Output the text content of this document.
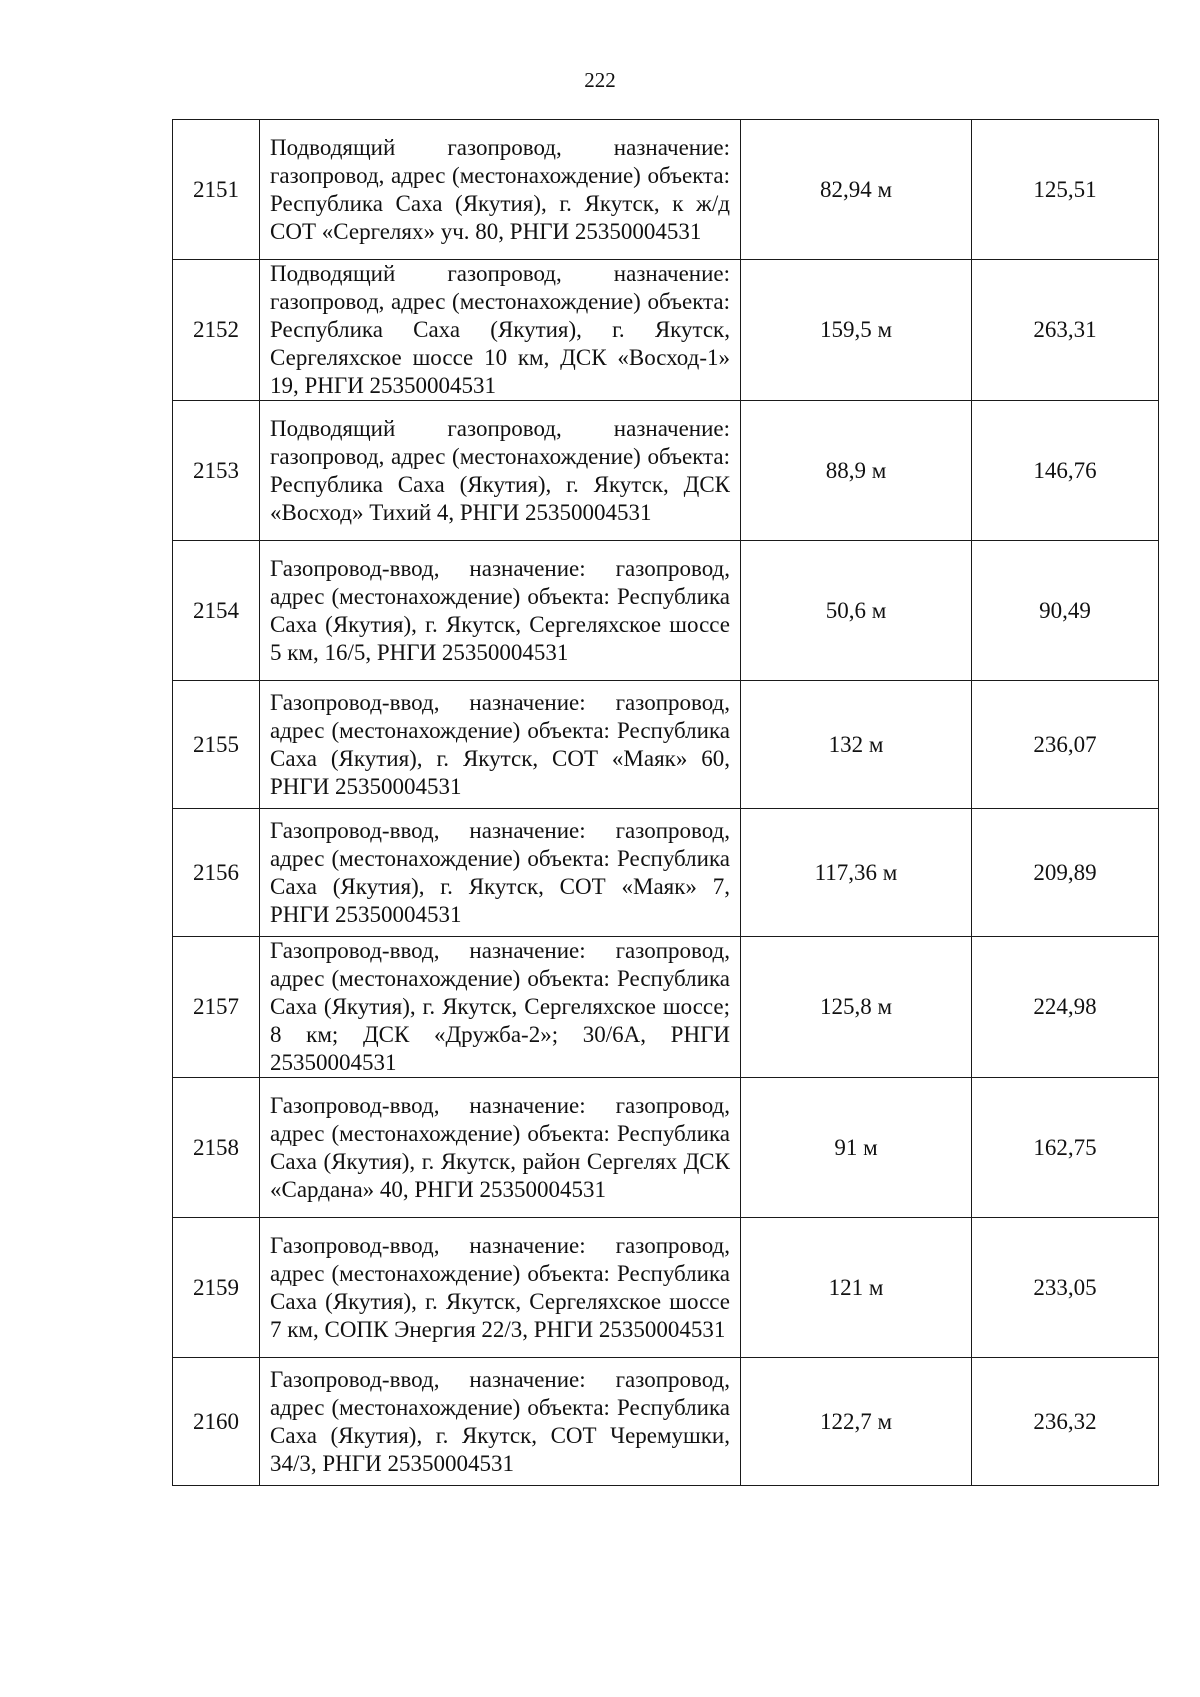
222
2151	Подводящий газопровод, назначение: газопровод, адрес (местонахождение) объекта: Республика Саха (Якутия), г. Якутск, к ж/д СОТ «Сергелях» уч. 80, РНГИ 25350004531	82,94 м	125,51
2152	Подводящий газопровод, назначение: газопровод, адрес (местонахождение) объекта: Республика Саха (Якутия), г. Якутск, Сергеляхское шоссе 10 км, ДСК «Восход-1» 19, РНГИ 25350004531	159,5 м	263,31
2153	Подводящий газопровод, назначение: газопровод, адрес (местонахождение) объекта: Республика Саха (Якутия), г. Якутск, ДСК «Восход» Тихий 4, РНГИ 25350004531	88,9 м	146,76
2154	Газопровод-ввод, назначение: газопровод, адрес (местонахождение) объекта: Республика Саха (Якутия), г. Якутск, Сергеляхское шоссе 5 км, 16/5, РНГИ 25350004531	50,6 м	90,49
2155	Газопровод-ввод, назначение: газопровод, адрес (местонахождение) объекта: Республика Саха (Якутия), г. Якутск, СОТ «Маяк» 60, РНГИ 25350004531	132 м	236,07
2156	Газопровод-ввод, назначение: газопровод, адрес (местонахождение) объекта: Республика Саха (Якутия), г. Якутск, СОТ «Маяк» 7, РНГИ 25350004531	117,36 м	209,89
2157	Газопровод-ввод, назначение: газопровод, адрес (местонахождение) объекта: Республика Саха (Якутия), г. Якутск, Сергеляхское шоссе; 8 км; ДСК «Дружба-2»; 30/6А, РНГИ 25350004531	125,8 м	224,98
2158	Газопровод-ввод, назначение: газопровод, адрес (местонахождение) объекта: Республика Саха (Якутия), г. Якутск, район Сергелях ДСК «Сардана» 40, РНГИ 25350004531	91 м	162,75
2159	Газопровод-ввод, назначение: газопровод, адрес (местонахождение) объекта: Республика Саха (Якутия), г. Якутск, Сергеляхское шоссе 7 км, СОПК Энергия 22/3, РНГИ 25350004531	121 м	233,05
2160	Газопровод-ввод, назначение: газопровод, адрес (местонахождение) объекта: Республика Саха (Якутия), г. Якутск, СОТ Черемушки, 34/3, РНГИ 25350004531	122,7 м	236,32
